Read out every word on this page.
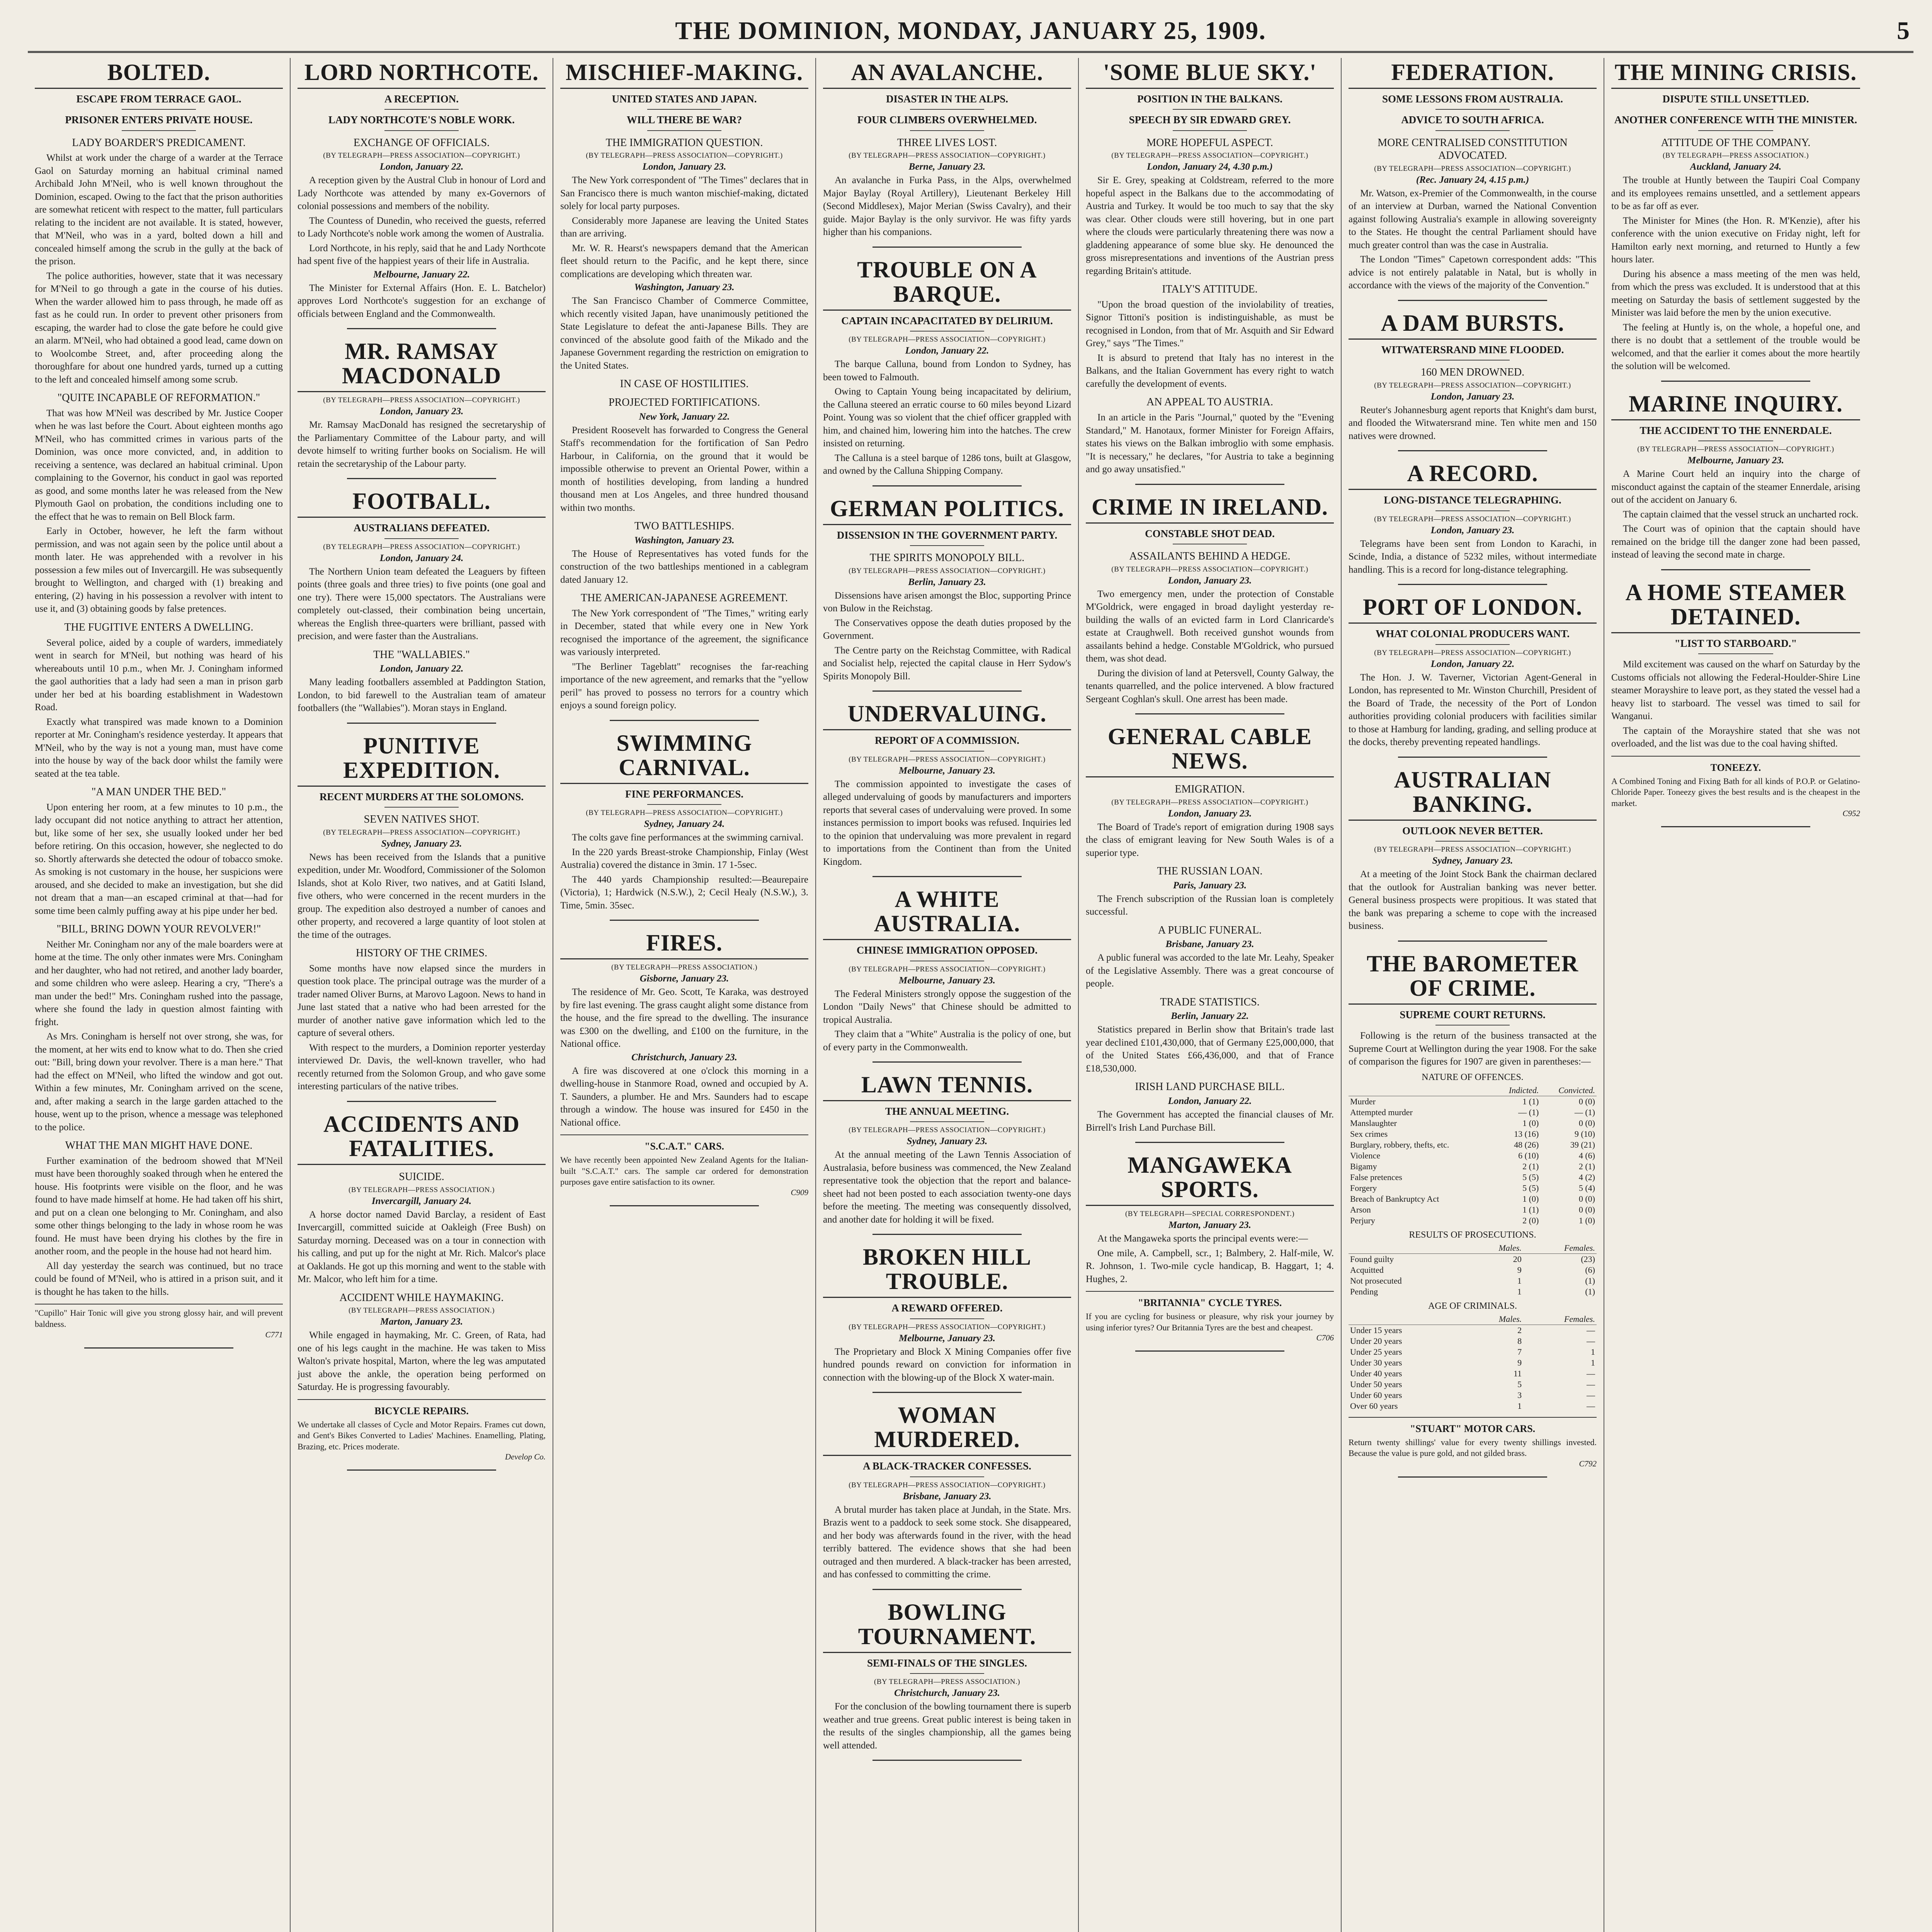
THE DOMINION, MONDAY, JANUARY 25, 1909.	5
BOLTED.
ESCAPE FROM TERRACE GAOL.
PRISONER ENTERS PRIVATE HOUSE.
LADY BOARDER'S PREDICAMENT.

Whilst at work under the charge of a warder at the Terrace Gaol on Saturday morning an habitual criminal named Archibald John M'Neil, who is well known throughout the Dominion, escaped. Owing to the fact that the prison authorities are somewhat reticent with respect to the matter, full particulars relating to the incident are not available. It is stated, however, that M'Neil, who was in a yard, bolted down a hill and concealed himself among the scrub in the gully at the back of the prison.

The police authorities, however, state that it was necessary for M'Neil to go through a gate in the course of his duties. When the warder allowed him to pass through, he made off as fast as he could run. In order to prevent other prisoners from escaping, the warder had to close the gate before he could give an alarm. M'Neil, who had obtained a good lead, came down on to Woolcombe Street, and, after proceeding along the thoroughfare for about one hundred yards, turned up a cutting to the left and concealed himself among some scrub.

"QUITE INCAPABLE OF REFORMATION."

That was how M'Neil was described by Mr. Justice Cooper when he was last before the Court. About eighteen months ago M'Neil, who has committed crimes in various parts of the Dominion, was once more convicted, and, in addition to receiving a sentence, was declared an habitual criminal. Upon complaining to the Governor, his conduct in gaol was reported as good, and some months later he was released from the New Plymouth Gaol on probation, the conditions including one to the effect that he was to remain on Bell Block farm.

Early in October, however, he left the farm without permission, and was not again seen by the police until about a month later. He was apprehended with a revolver in his possession a few miles out of Invercargill. He was subsequently brought to Wellington, and charged with (1) breaking and entering, (2) having in his possession a revolver with intent to use it, and (3) obtaining goods by false pretences.

THE FUGITIVE ENTERS A DWELLING.

Several police, aided by a couple of warders, immediately went in search for M'Neil, but nothing was heard of his whereabouts until 10 p.m., when Mr. J. Coningham informed the gaol authorities that a lady had seen a man in prison garb under her bed at his boarding establishment in Wadestown Road.

Exactly what transpired was made known to a Dominion reporter at Mr. Coningham's residence yesterday. It appears that M'Neil, who by the way is not a young man, must have come into the house by way of the back door whilst the family were seated at the tea table.

"A MAN UNDER THE BED."

Upon entering her room, at a few minutes to 10 p.m., the lady occupant did not notice anything to attract her attention, but, like some of her sex, she usually looked under her bed before retiring. On this occasion, however, she neglected to do so. Shortly afterwards she detected the odour of tobacco smoke. As smoking is not customary in the house, her suspicions were aroused, and she decided to make an investigation, but she did not dream that a man—an escaped criminal at that—had for some time been calmly puffing away at his pipe under her bed.

"BILL, BRING DOWN YOUR REVOLVER!"

Neither Mr. Coningham nor any of the male boarders were at home at the time. The only other inmates were Mrs. Coningham and her daughter, who had not retired, and another lady boarder, and some children who were asleep. Hearing a cry, "There's a man under the bed!" Mrs. Coningham rushed into the passage, where she found the lady in question almost fainting with fright.

As Mrs. Coningham is herself not over strong, she was, for the moment, at her wits end to know what to do. Then she cried out: "Bill, bring down your revolver. There is a man here." That had the effect on M'Neil, who lifted the window and got out. Within a few minutes, Mr. Coningham arrived on the scene, and, after making a search in the large garden attached to the house, went up to the prison, whence a message was telephoned to the police.

WHAT THE MAN MIGHT HAVE DONE.

Further examination of the bedroom showed that M'Neil must have been thoroughly soaked through when he entered the house. His footprints were visible on the floor, and he was found to have made himself at home. He had taken off his shirt, and put on a clean one belonging to Mr. Coningham, and also some other things belonging to the lady in whose room he was found. He must have been drying his clothes by the fire in another room, and the people in the house had not heard him.

All day yesterday the search was continued, but no trace could be found of M'Neil, who is attired in a prison suit, and it is thought he has taken to the hills.

"Cupillo" Hair Tonic will give you strong glossy hair, and will prevent baldness.
C771
LORD NORTHCOTE.
A RECEPTION.
LADY NORTHCOTE'S NOBLE WORK.
EXCHANGE OF OFFICIALS.
(BY TELEGRAPH—PRESS ASSOCIATION—COPYRIGHT.)
London, January 22.

A reception given by the Austral Club in honour of Lord and Lady Northcote was attended by many ex-Governors of colonial possessions and members of the nobility.

The Countess of Dunedin, who received the guests, referred to Lady Northcote's noble work among the women of Australia.

Lord Northcote, in his reply, said that he and Lady Northcote had spent five of the happiest years of their life in Australia.

Melbourne, January 22.

The Minister for External Affairs (Hon. E. L. Batchelor) approves Lord Northcote's suggestion for an exchange of officials between England and the Commonwealth.

MR. RAMSAY MACDONALD
(BY TELEGRAPH—PRESS ASSOCIATION—COPYRIGHT.)
London, January 23.

Mr. Ramsay MacDonald has resigned the secretaryship of the Parliamentary Committee of the Labour party, and will devote himself to writing further books on Socialism. He will retain the secretaryship of the Labour party.

FOOTBALL.
AUSTRALIANS DEFEATED.
(BY TELEGRAPH—PRESS ASSOCIATION—COPYRIGHT.)
London, January 24.

The Northern Union team defeated the Leaguers by fifteen points (three goals and three tries) to five points (one goal and one try). There were 15,000 spectators. The Australians were completely out-classed, their combination being uncertain, whereas the English three-quarters were brilliant, passed with precision, and were faster than the Australians.

THE "WALLABIES."
London, January 22.

Many leading footballers assembled at Paddington Station, London, to bid farewell to the Australian team of amateur footballers (the "Wallabies"). Moran stays in England.

PUNITIVE EXPEDITION.
RECENT MURDERS AT THE SOLOMONS.
SEVEN NATIVES SHOT.
(BY TELEGRAPH—PRESS ASSOCIATION—COPYRIGHT.)
Sydney, January 23.

News has been received from the Islands that a punitive expedition, under Mr. Woodford, Commissioner of the Solomon Islands, shot at Kolo River, two natives, and at Gatiti Island, five others, who were concerned in the recent murders in the group. The expedition also destroyed a number of canoes and other property, and recovered a large quantity of loot stolen at the time of the outrages.

HISTORY OF THE CRIMES.

Some months have now elapsed since the murders in question took place. The principal outrage was the murder of a trader named Oliver Burns, at Marovo Lagoon. News to hand in June last stated that a native who had been arrested for the murder of another native gave information which led to the capture of several others.

With respect to the murders, a Dominion reporter yesterday interviewed Dr. Davis, the well-known traveller, who had recently returned from the Solomon Group, and who gave some interesting particulars of the native tribes.

ACCIDENTS AND FATALITIES.
SUICIDE.
(BY TELEGRAPH—PRESS ASSOCIATION.)
Invercargill, January 24.

A horse doctor named David Barclay, a resident of East Invercargill, committed suicide at Oakleigh (Free Bush) on Saturday morning. Deceased was on a tour in connection with his calling, and put up for the night at Mr. Rich. Malcor's place at Oaklands. He got up this morning and went to the stable with Mr. Malcor, who left him for a time.

ACCIDENT WHILE HAYMAKING.
(BY TELEGRAPH—PRESS ASSOCIATION.)
Marton, January 23.

While engaged in haymaking, Mr. C. Green, of Rata, had one of his legs caught in the machine. He was taken to Miss Walton's private hospital, Marton, where the leg was amputated just above the ankle, the operation being performed on Saturday. He is progressing favourably.

BICYCLE REPAIRS.
We undertake all classes of Cycle and Motor Repairs. Frames cut down, and Gent's Bikes Converted to Ladies' Machines. Enamelling, Plating, Brazing, etc. Prices moderate.
Develop Co.
MISCHIEF-MAKING.
UNITED STATES AND JAPAN.
WILL THERE BE WAR?
THE IMMIGRATION QUESTION.
(BY TELEGRAPH—PRESS ASSOCIATION—COPYRIGHT.)
London, January 23.

The New York correspondent of "The Times" declares that in San Francisco there is much wanton mischief-making, dictated solely for local party purposes.

Considerably more Japanese are leaving the United States than are arriving.

Mr. W. R. Hearst's newspapers demand that the American fleet should return to the Pacific, and he kept there, since complications are developing which threaten war.

Washington, January 23.

The San Francisco Chamber of Commerce Committee, which recently visited Japan, have unanimously petitioned the State Legislature to defeat the anti-Japanese Bills. They are convinced of the absolute good faith of the Mikado and the Japanese Government regarding the restriction on emigration to the United States.

IN CASE OF HOSTILITIES.
PROJECTED FORTIFICATIONS.
New York, January 22.

President Roosevelt has forwarded to Congress the General Staff's recommendation for the fortification of San Pedro Harbour, in California, on the ground that it would be impossible otherwise to prevent an Oriental Power, within a month of hostilities developing, from landing a hundred thousand men at Los Angeles, and three hundred thousand within two months.

TWO BATTLESHIPS.
Washington, January 23.

The House of Representatives has voted funds for the construction of the two battleships mentioned in a cablegram dated January 12.

THE AMERICAN-JAPANESE AGREEMENT.

The New York correspondent of "The Times," writing early in December, stated that while every one in New York recognised the importance of the agreement, the significance was variously interpreted.

"The Berliner Tageblatt" recognises the far-reaching importance of the new agreement, and remarks that the "yellow peril" has proved to possess no terrors for a country which enjoys a sound foreign policy.

SWIMMING CARNIVAL.
FINE PERFORMANCES.
(BY TELEGRAPH—PRESS ASSOCIATION—COPYRIGHT.)
Sydney, January 24.

The colts gave fine performances at the swimming carnival.

In the 220 yards Breast-stroke Championship, Finlay (West Australia) covered the distance in 3min. 17 1-5sec.

The 440 yards Championship resulted:—Beaurepaire (Victoria), 1; Hardwick (N.S.W.), 2; Cecil Healy (N.S.W.), 3. Time, 5min. 35sec.

FIRES.
(BY TELEGRAPH—PRESS ASSOCIATION.)
Gisborne, January 23.

The residence of Mr. Geo. Scott, Te Karaka, was destroyed by fire last evening. The grass caught alight some distance from the house, and the fire spread to the dwelling. The insurance was £300 on the dwelling, and £100 on the furniture, in the National office.

Christchurch, January 23.

A fire was discovered at one o'clock this morning in a dwelling-house in Stanmore Road, owned and occupied by A. T. Saunders, a plumber. He and Mrs. Saunders had to escape through a window. The house was insured for £450 in the National office.

"S.C.A.T." CARS.
We have recently been appointed New Zealand Agents for the Italian-built "S.C.A.T." cars. The sample car ordered for demonstration purposes gave entire satisfaction to its owner.
C909
AN AVALANCHE.
DISASTER IN THE ALPS.
FOUR CLIMBERS OVERWHELMED.
THREE LIVES LOST.
(BY TELEGRAPH—PRESS ASSOCIATION—COPYRIGHT.)
Berne, January 23.

An avalanche in Furka Pass, in the Alps, overwhelmed Major Baylay (Royal Artillery), Lieutenant Berkeley Hill (Second Middlesex), Major Merian (Swiss Cavalry), and their guide. Major Baylay is the only survivor. He was fifty yards higher than his companions.

TROUBLE ON A BARQUE.
CAPTAIN INCAPACITATED BY DELIRIUM.
(BY TELEGRAPH—PRESS ASSOCIATION—COPYRIGHT.)
London, January 22.

The barque Calluna, bound from London to Sydney, has been towed to Falmouth.

Owing to Captain Young being incapacitated by delirium, the Calluna steered an erratic course to 60 miles beyond Lizard Point. Young was so violent that the chief officer grappled with him, and chained him, lowering him into the hatches. The crew insisted on returning.

The Calluna is a steel barque of 1286 tons, built at Glasgow, and owned by the Calluna Shipping Company.

GERMAN POLITICS.
DISSENSION IN THE GOVERNMENT PARTY.
THE SPIRITS MONOPOLY BILL.
(BY TELEGRAPH—PRESS ASSOCIATION—COPYRIGHT.)
Berlin, January 23.

Dissensions have arisen amongst the Bloc, supporting Prince von Bulow in the Reichstag.

The Conservatives oppose the death duties proposed by the Government.

The Centre party on the Reichstag Committee, with Radical and Socialist help, rejected the capital clause in Herr Sydow's Spirits Monopoly Bill.

UNDERVALUING.
REPORT OF A COMMISSION.
(BY TELEGRAPH—PRESS ASSOCIATION—COPYRIGHT.)
Melbourne, January 23.

The commission appointed to investigate the cases of alleged undervaluing of goods by manufacturers and importers reports that several cases of undervaluing were proved. In some instances permission to import books was refused. Inquiries led to the opinion that undervaluing was more prevalent in regard to importations from the Continent than from the United Kingdom.

A WHITE AUSTRALIA.
CHINESE IMMIGRATION OPPOSED.
(BY TELEGRAPH—PRESS ASSOCIATION—COPYRIGHT.)
Melbourne, January 23.

The Federal Ministers strongly oppose the suggestion of the London "Daily News" that Chinese should be admitted to tropical Australia.

They claim that a "White" Australia is the policy of one, but of every party in the Commonwealth.

LAWN TENNIS.
THE ANNUAL MEETING.
(BY TELEGRAPH—PRESS ASSOCIATION—COPYRIGHT.)
Sydney, January 23.

At the annual meeting of the Lawn Tennis Association of Australasia, before business was commenced, the New Zealand representative took the objection that the report and balance-sheet had not been posted to each association twenty-one days before the meeting. The meeting was consequently dissolved, and another date for holding it will be fixed.

BROKEN HILL TROUBLE.
A REWARD OFFERED.
(BY TELEGRAPH—PRESS ASSOCIATION—COPYRIGHT.)
Melbourne, January 23.

The Proprietary and Block X Mining Companies offer five hundred pounds reward on conviction for information in connection with the blowing-up of the Block X water-main.

WOMAN MURDERED.
A BLACK-TRACKER CONFESSES.
(BY TELEGRAPH—PRESS ASSOCIATION—COPYRIGHT.)
Brisbane, January 23.

A brutal murder has taken place at Jundah, in the State. Mrs. Brazis went to a paddock to seek some stock. She disappeared, and her body was afterwards found in the river, with the head terribly battered. The evidence shows that she had been outraged and then murdered. A black-tracker has been arrested, and has confessed to committing the crime.

BOWLING TOURNAMENT.
SEMI-FINALS OF THE SINGLES.
(BY TELEGRAPH—PRESS ASSOCIATION.)
Christchurch, January 23.

For the conclusion of the bowling tournament there is superb weather and true greens. Great public interest is being taken in the results of the singles championship, all the games being well attended.

'SOME BLUE SKY.'
POSITION IN THE BALKANS.
SPEECH BY SIR EDWARD GREY.
MORE HOPEFUL ASPECT.
(BY TELEGRAPH—PRESS ASSOCIATION—COPYRIGHT.)
London, January 24, 4.30 p.m.)

Sir E. Grey, speaking at Coldstream, referred to the more hopeful aspect in the Balkans due to the accommodating of Austria and Turkey. It would be too much to say that the sky was clear. Other clouds were still hovering, but in one part where the clouds were particularly threatening there was now a gladdening appearance of some blue sky. He denounced the gross misrepresentations and inventions of the Austrian press regarding Britain's attitude.

ITALY'S ATTITUDE.

"Upon the broad question of the inviolability of treaties, Signor Tittoni's position is indistinguishable, as must be recognised in London, from that of Mr. Asquith and Sir Edward Grey," says "The Times."

It is absurd to pretend that Italy has no interest in the Balkans, and the Italian Government has every right to watch carefully the development of events.

AN APPEAL TO AUSTRIA.

In an article in the Paris "Journal," quoted by the "Evening Standard," M. Hanotaux, former Minister for Foreign Affairs, states his views on the Balkan imbroglio with some emphasis. "It is necessary," he declares, "for Austria to take a beginning and go away unsatisfied."

CRIME IN IRELAND.
CONSTABLE SHOT DEAD.
ASSAILANTS BEHIND A HEDGE.
(BY TELEGRAPH—PRESS ASSOCIATION—COPYRIGHT.)
London, January 23.

Two emergency men, under the protection of Constable M'Goldrick, were engaged in broad daylight yesterday re-building the walls of an evicted farm in Lord Clanricarde's estate at Craughwell. Both received gunshot wounds from assailants behind a hedge. Constable M'Goldrick, who pursued them, was shot dead.

During the division of land at Petersvell, County Galway, the tenants quarrelled, and the police intervened. A blow fractured Sergeant Coghlan's skull. One arrest has been made.

GENERAL CABLE NEWS.
EMIGRATION.
(BY TELEGRAPH—PRESS ASSOCIATION—COPYRIGHT.)
London, January 23.

The Board of Trade's report of emigration during 1908 says the class of emigrant leaving for New South Wales is of a superior type.

THE RUSSIAN LOAN.
Paris, January 23.

The French subscription of the Russian loan is completely successful.

A PUBLIC FUNERAL.
Brisbane, January 23.

A public funeral was accorded to the late Mr. Leahy, Speaker of the Legislative Assembly. There was a great concourse of people.

TRADE STATISTICS.
Berlin, January 22.

Statistics prepared in Berlin show that Britain's trade last year declined £101,430,000, that of Germany £25,000,000, that of the United States £66,436,000, and that of France £18,530,000.

IRISH LAND PURCHASE BILL.
London, January 22.

The Government has accepted the financial clauses of Mr. Birrell's Irish Land Purchase Bill.

MANGAWEKA SPORTS.
(BY TELEGRAPH—SPECIAL CORRESPONDENT.)
Marton, January 23.

At the Mangaweka sports the principal events were:—

One mile, A. Campbell, scr., 1; Balmbery, 2. Half-mile, W. R. Johnson, 1. Two-mile cycle handicap, B. Haggart, 1; 4. Hughes, 2.

"BRITANNIA" CYCLE TYRES.
If you are cycling for business or pleasure, why risk your journey by using inferior tyres? Our Britannia Tyres are the best and cheapest.
C706
FEDERATION.
SOME LESSONS FROM AUSTRALIA.
ADVICE TO SOUTH AFRICA.
MORE CENTRALISED CONSTITUTION ADVOCATED.
(BY TELEGRAPH—PRESS ASSOCIATION—COPYRIGHT.)
(Rec. January 24, 4.15 p.m.)

Mr. Watson, ex-Premier of the Commonwealth, in the course of an interview at Durban, warned the National Convention against following Australia's example in allowing sovereignty to the States. He thought the central Parliament should have much greater control than was the case in Australia.

The London "Times" Capetown correspondent adds: "This advice is not entirely palatable in Natal, but is wholly in accordance with the views of the majority of the Convention."

A DAM BURSTS.
WITWATERSRAND MINE FLOODED.
160 MEN DROWNED.
(BY TELEGRAPH—PRESS ASSOCIATION—COPYRIGHT.)
London, January 23.

Reuter's Johannesburg agent reports that Knight's dam burst, and flooded the Witwatersrand mine. Ten white men and 150 natives were drowned.

A RECORD.
LONG-DISTANCE TELEGRAPHING.
(BY TELEGRAPH—PRESS ASSOCIATION—COPYRIGHT.)
London, January 23.

Telegrams have been sent from London to Karachi, in Scinde, India, a distance of 5232 miles, without intermediate handling. This is a record for long-distance telegraphing.

PORT OF LONDON.
WHAT COLONIAL PRODUCERS WANT.
(BY TELEGRAPH—PRESS ASSOCIATION—COPYRIGHT.)
London, January 22.

The Hon. J. W. Taverner, Victorian Agent-General in London, has represented to Mr. Winston Churchill, President of the Board of Trade, the necessity of the Port of London authorities providing colonial producers with facilities similar to those at Hamburg for landing, grading, and selling produce at the docks, thereby preventing repeated handlings.

AUSTRALIAN BANKING.
OUTLOOK NEVER BETTER.
(BY TELEGRAPH—PRESS ASSOCIATION—COPYRIGHT.)
Sydney, January 23.

At a meeting of the Joint Stock Bank the chairman declared that the outlook for Australian banking was never better. General business prospects were propitious. It was stated that the bank was preparing a scheme to cope with the increased business.

THE BAROMETER OF CRIME.
SUPREME COURT RETURNS.

Following is the return of the business transacted at the Supreme Court at Wellington during the year 1908. For the sake of comparison the figures for 1907 are given in parentheses:—

NATURE OF OFFENCES.
	Indicted.	Convicted.
Murder	1 (1)	0 (0)
Attempted murder	— (1)	— (1)
Manslaughter	1 (0)	0 (0)
Sex crimes	13 (16)	9 (10)
Burglary, robbery, thefts, etc.	48 (26)	39 (21)
Violence	6 (10)	4 (6)
Bigamy	2 (1)	2 (1)
False pretences	5 (5)	4 (2)
Forgery	5 (5)	5 (4)
Breach of Bankruptcy Act	1 (0)	0 (0)
Arson	1 (1)	0 (0)
Perjury	2 (0)	1 (0)
RESULTS OF PROSECUTIONS.
	Males.	Females.
Found guilty	20	(23)
Acquitted	9	(6)
Not prosecuted	1	(1)
Pending	1	(1)
AGE OF CRIMINALS.
	Males.	Females.
Under 15 years	2	—
Under 20 years	8	—
Under 25 years	7	1
Under 30 years	9	1
Under 40 years	11	—
Under 50 years	5	—
Under 60 years	3	—
Over 60 years	1	—
"STUART" MOTOR CARS.
Return twenty shillings' value for every twenty shillings invested. Because the value is pure gold, and not gilded brass.
C792
THE MINING CRISIS.
DISPUTE STILL UNSETTLED.
ANOTHER CONFERENCE WITH THE MINISTER.
ATTITUDE OF THE COMPANY.
(BY TELEGRAPH—PRESS ASSOCIATION.)
Auckland, January 24.

The trouble at Huntly between the Taupiri Coal Company and its employees remains unsettled, and a settlement appears to be as far off as ever.

The Minister for Mines (the Hon. R. M'Kenzie), after his conference with the union executive on Friday night, left for Hamilton early next morning, and returned to Huntly a few hours later.

During his absence a mass meeting of the men was held, from which the press was excluded. It is understood that at this meeting on Saturday the basis of settlement suggested by the Minister was laid before the men by the union executive.

The feeling at Huntly is, on the whole, a hopeful one, and there is no doubt that a settlement of the trouble would be welcomed, and that the earlier it comes about the more heartily the solution will be welcomed.

MARINE INQUIRY.
THE ACCIDENT TO THE ENNERDALE.
(BY TELEGRAPH—PRESS ASSOCIATION—COPYRIGHT.)
Melbourne, January 23.

A Marine Court held an inquiry into the charge of misconduct against the captain of the steamer Ennerdale, arising out of the accident on January 6.

The captain claimed that the vessel struck an uncharted rock.

The Court was of opinion that the captain should have remained on the bridge till the danger zone had been passed, instead of leaving the second mate in charge.

A HOME STEAMER DETAINED.
"LIST TO STARBOARD."

Mild excitement was caused on the wharf on Saturday by the Customs officials not allowing the Federal-Houlder-Shire Line steamer Morayshire to leave port, as they stated the vessel had a heavy list to starboard. The vessel was timed to sail for Wanganui.

The captain of the Morayshire stated that she was not overloaded, and the list was due to the coal having shifted.

TONEEZY.
A Combined Toning and Fixing Bath for all kinds of P.O.P. or Gelatino-Chloride Paper. Toneezy gives the best results and is the cheapest in the market.
C952
